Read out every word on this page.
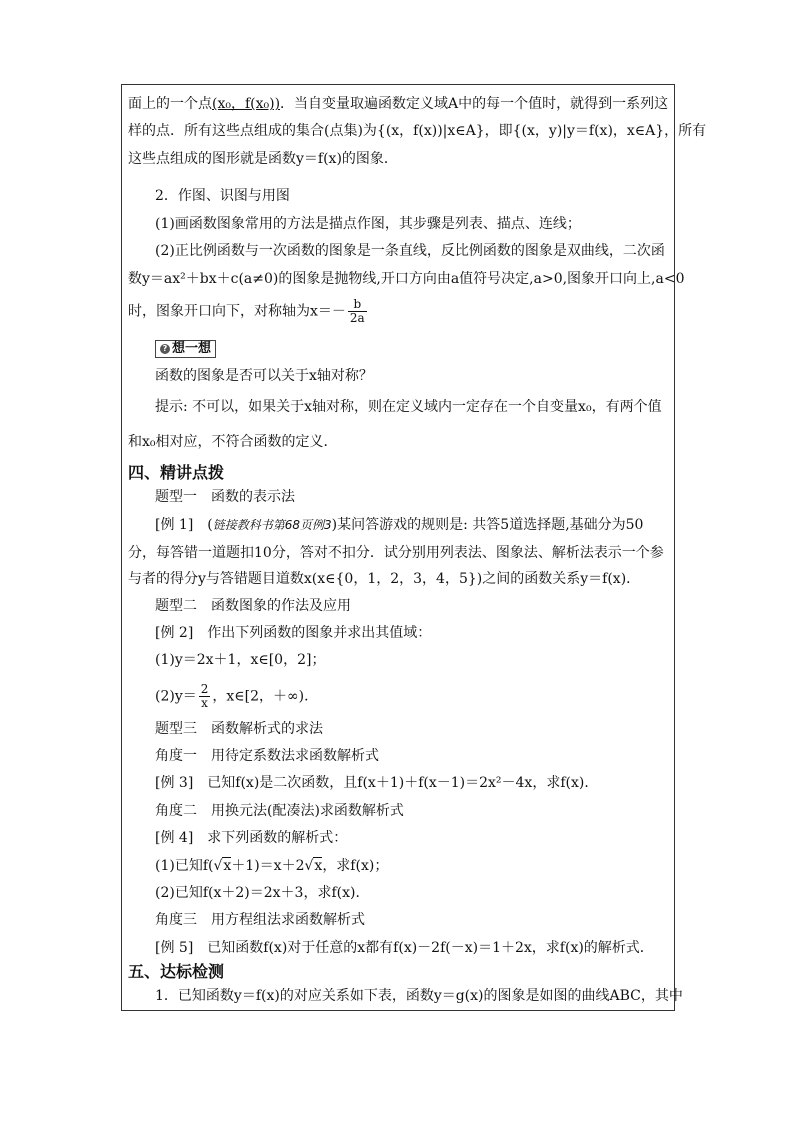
面上的一个点(x₀，f(x₀))．当自变量取遍函数定义域A中的每一个值时，就得到一系列这
样的点．所有这些点组成的集合(点集)为{(x，f(x))|x∈A}，即{(x，y)|y＝f(x)，x∈A}，所有
这些点组成的图形就是函数y＝f(x)的图象．
2．作图、识图与用图
(1)画函数图象常用的方法是描点作图，其步骤是列表、描点、连线；
(2)正比例函数与一次函数的图象是一条直线，反比例函数的图象是双曲线，二次函
数y＝ax²＋bx＋c(a≠0)的图象是抛物线,开口方向由a值符号决定,a>0,图象开口向上,a<0
时，图象开口向下，对称轴为$x=- \frac{b}{2a}$
? 想一想
函数的图象是否可以关于x轴对称？
提示: 不可以，如果关于x轴对称，则在定义域内一定存在一个自变量x₀，有两个值
和x₀相对应，不符合函数的定义．
四、精讲点拨
题型一　函数的表示法
[例 1]　(链接教科书第68页例3)某问答游戏的规则是: 共答5道选择题,基础分为50
分，每答错一道题扣10分，答对不扣分．试分别用列表法、图象法、解析法表示一个参
与者的得分y与答错题目道数x(x∈{0，1，2，3，4，5})之间的函数关系y＝f(x)．
题型二　函数图象的作法及应用
[例 2]　作出下列函数的图象并求出其值域：
(1)y＝2x＋1，x∈[0，2]；
$(2)y= \frac{2}{x}$ ，x∈[2，＋∞)．
题型三　函数解析式的求法
角度一　用待定系数法求函数解析式
[例 3]　已知f(x)是二次函数，且f(x＋1)＋f(x－1)＝2x²－4x，求f(x)．
角度二　用换元法(配凑法)求函数解析式
[例 4]　求下列函数的解析式：
(1)已知f(√x＋1)＝x＋2√x，求f(x)；
(2)已知f(x＋2)＝2x＋3，求f(x)．
角度三　用方程组法求函数解析式
[例 5]　已知函数f(x)对于任意的x都有f(x)－2f(－x)＝1＋2x，求f(x)的解析式．
五、达标检测
1．已知函数y＝f(x)的对应关系如下表，函数y＝g(x)的图象是如图的曲线ABC，其中
